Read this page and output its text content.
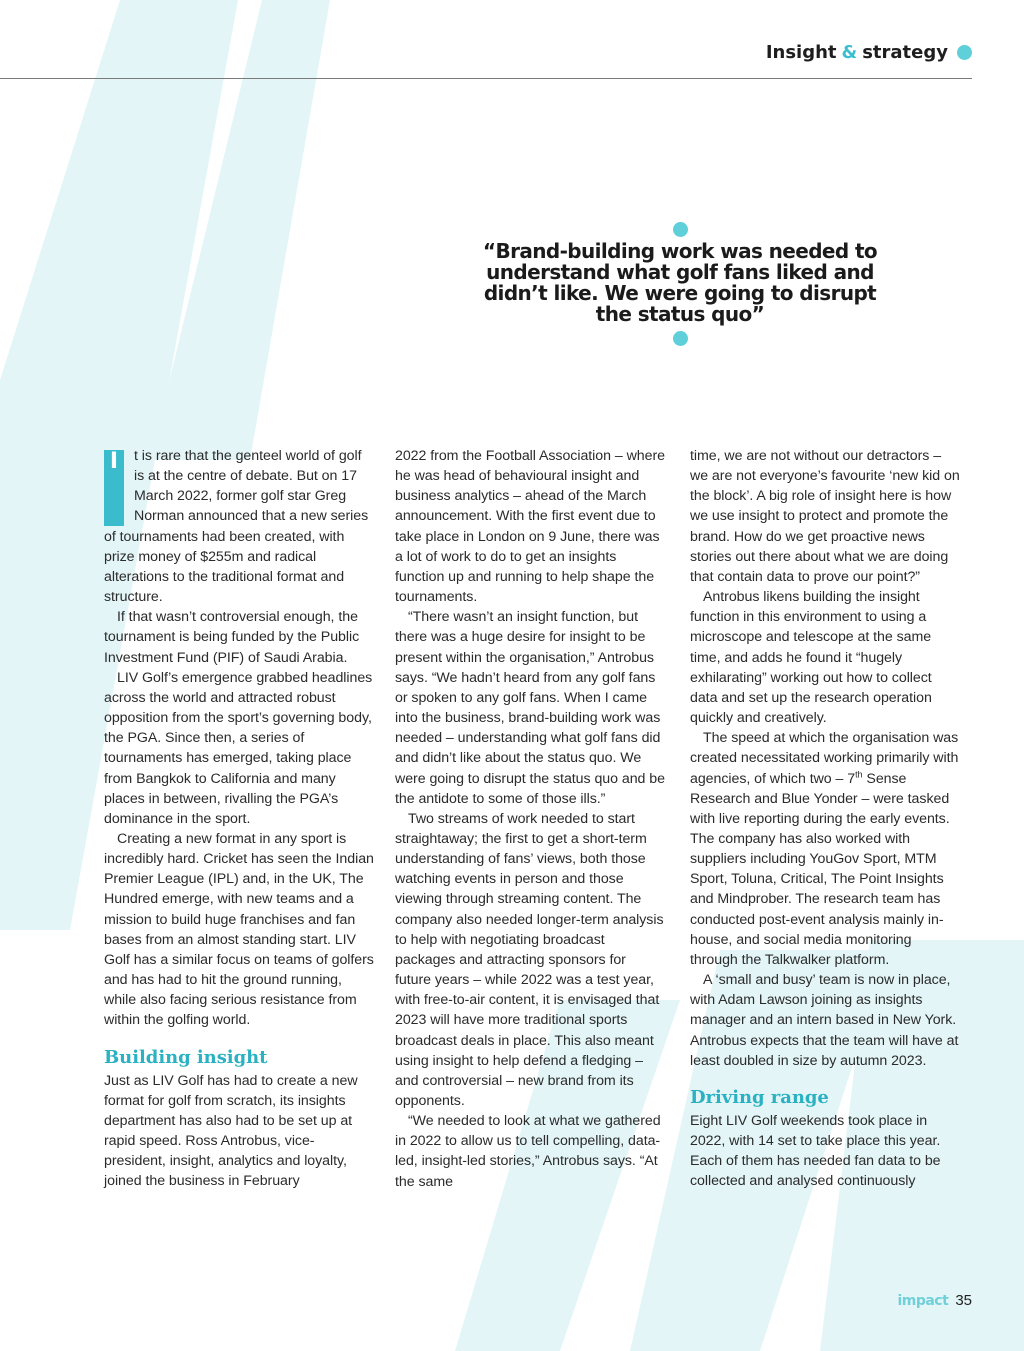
Insight & strategy
“Brand-building work was needed to understand what golf fans liked and didn’t like. We were going to disrupt the status quo”
I	t is rare that the genteel world of golf is at the centre of debate. But on 17 March 2022, former golf star Greg Norman announced that a new series of tournaments had been created, with prize money of $255m and radical alterations to the traditional format and structure.

If that wasn’t controversial enough, the tournament is being funded by the Public Investment Fund (PIF) of Saudi Arabia.

LIV Golf’s emergence grabbed headlines across the world and attracted robust opposition from the sport’s governing body, the PGA. Since then, a series of tournaments has emerged, taking place from Bangkok to California and many places in between, rivalling the PGA’s dominance in the sport.

Creating a new format in any sport is incredibly hard. Cricket has seen the Indian Premier League (IPL) and, in the UK, The Hundred emerge, with new teams and a mission to build huge franchises and fan bases from an almost standing start. LIV Golf has a similar focus on teams of golfers and has had to hit the ground running, while also facing serious resistance from within the golfing world.

Building insight

Just as LIV Golf has had to create a new format for golf from scratch, its insights department has also had to be set up at rapid speed. Ross Antrobus, vice-president, insight, analytics and loyalty, joined the business in February

2022 from the Football Association – where he was head of behavioural insight and business analytics – ahead of the March announcement. With the first event due to take place in London on 9 June, there was a lot of work to do to get an insights function up and running to help shape the tournaments.

“There wasn’t an insight function, but there was a huge desire for insight to be present within the organisation,” Antrobus says. “We hadn’t heard from any golf fans or spoken to any golf fans. When I came into the business, brand-building work was needed – understanding what golf fans did and didn’t like about the status quo. We were going to disrupt the status quo and be the antidote to some of those ills.”

Two streams of work needed to start straightaway; the first to get a short-term understanding of fans’ views, both those watching events in person and those viewing through streaming content. The company also needed longer-term analysis to help with negotiating broadcast packages and attracting sponsors for future years – while 2022 was a test year, with free-to-air content, it is envisaged that 2023 will have more traditional sports broadcast deals in place. This also meant using insight to help defend a fledging – and controversial – new brand from its opponents.

“We needed to look at what we gathered in 2022 to allow us to tell compelling, data-led, insight-led stories,” Antrobus says. “At the same

time, we are not without our detractors – we are not everyone’s favourite ‘new kid on the block’. A big role of insight here is how we use insight to protect and promote the brand. How do we get proactive news stories out there about what we are doing that contain data to prove our point?”

Antrobus likens building the insight function in this environment to using a microscope and telescope at the same time, and adds he found it “hugely exhilarating” working out how to collect data and set up the research operation quickly and creatively.

The speed at which the organisation was created necessitated working primarily with agencies, of which two – 7th Sense Research and Blue Yonder – were tasked with live reporting during the early events. The company has also worked with suppliers including YouGov Sport, MTM Sport, Toluna, Critical, The Point Insights and Mindprober. The research team has conducted post-event analysis mainly in-house, and social media monitoring through the Talkwalker platform.

A ‘small and busy’ team is now in place, with Adam Lawson joining as insights manager and an intern based in New York. Antrobus expects that the team will have at least doubled in size by autumn 2023.

Driving range

Eight LIV Golf weekends took place in 2022, with 14 set to take place this year. Each of them has needed fan data to be collected and analysed continuously

impact 35
